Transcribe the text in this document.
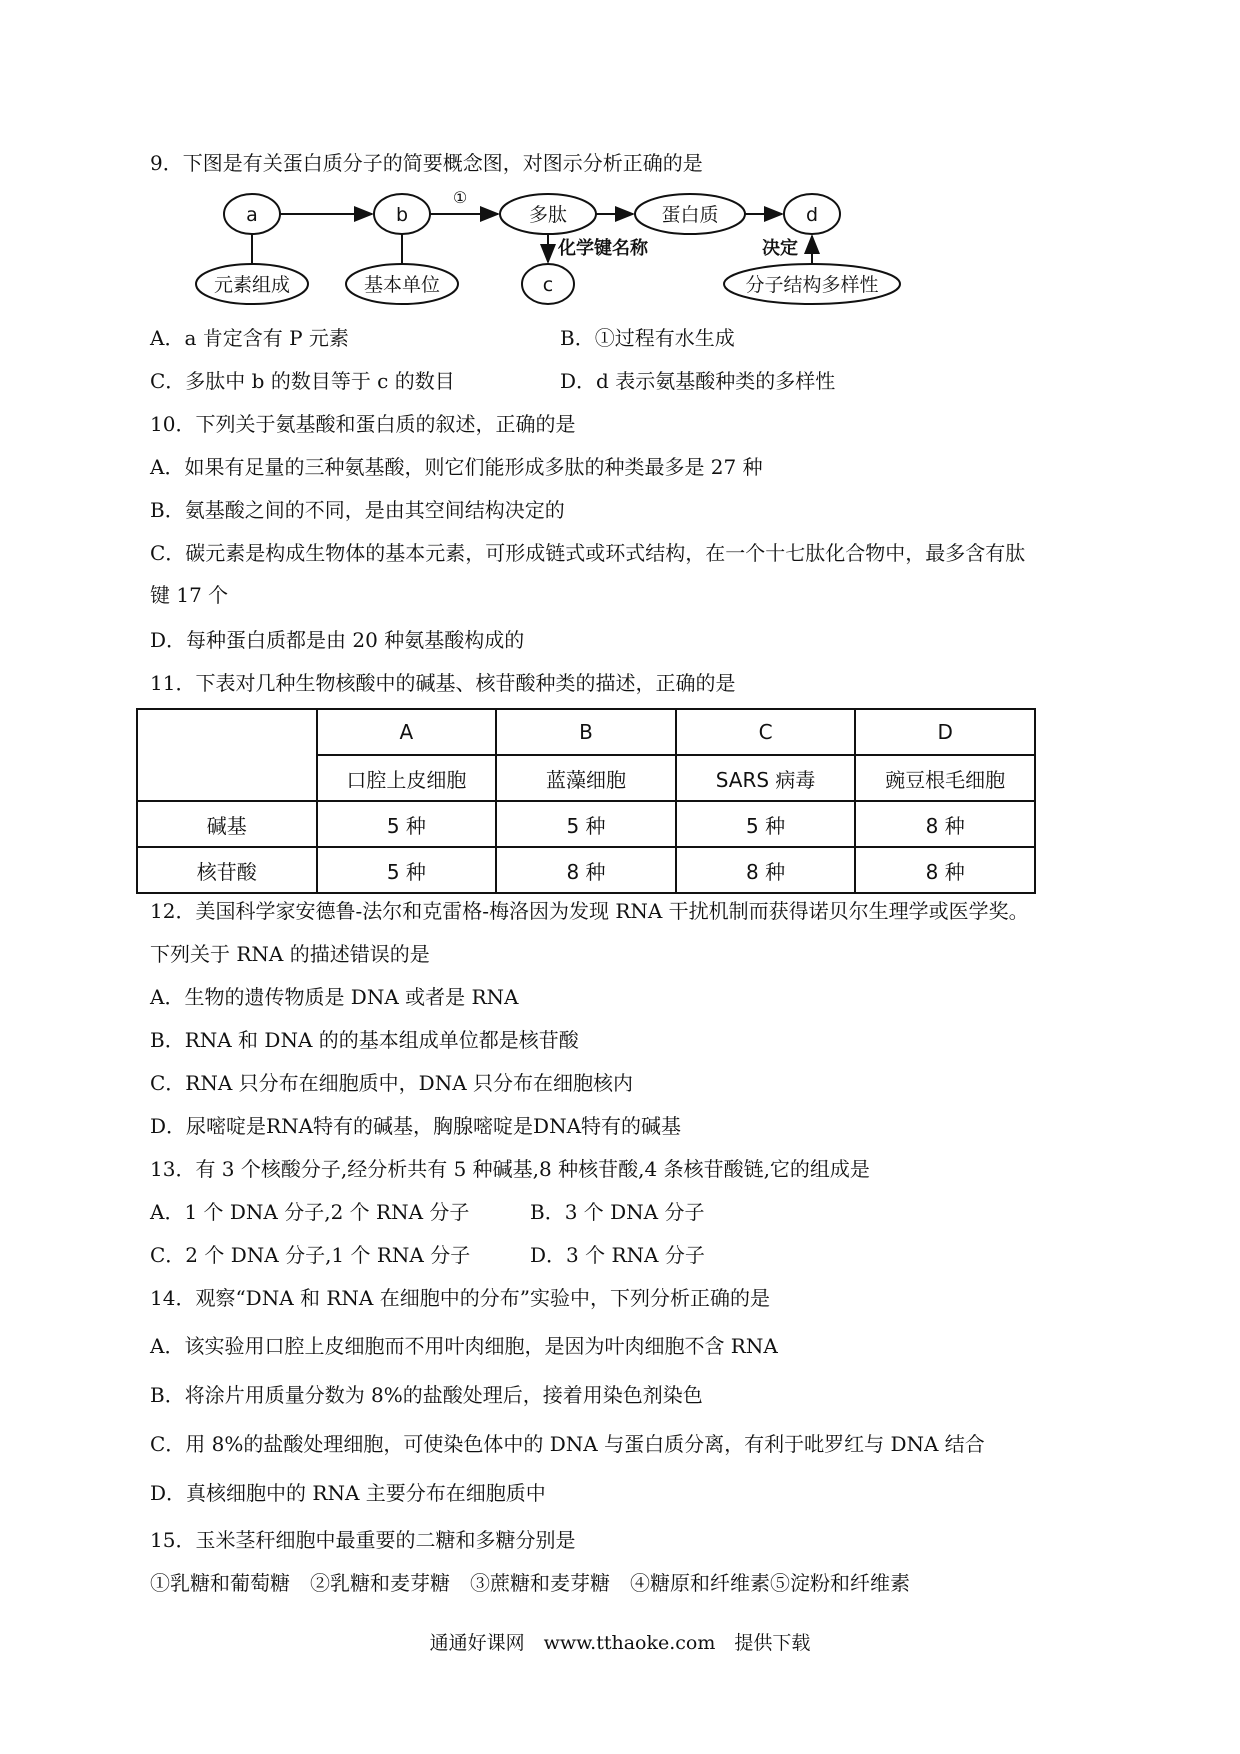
9．下图是有关蛋白质分子的简要概念图，对图示分析正确的是
a	b	多肽	蛋白质	d
①
化学键名称	决定
元素组成	基本单位	c	分子结构多样性
A．a 肯定含有 P 元素	B．①过程有水生成
C．多肽中 b 的数目等于 c 的数目	D．d 表示氨基酸种类的多样性
10．下列关于氨基酸和蛋白质的叙述，正确的是
A．如果有足量的三种氨基酸，则它们能形成多肽的种类最多是 27 种
B．氨基酸之间的不同，是由其空间结构决定的
C．碳元素是构成生物体的基本元素，可形成链式或环式结构，在一个十七肽化合物中，最多含有肽
键 17 个
D．每种蛋白质都是由 20 种氨基酸构成的
11．下表对几种生物核酸中的碱基、核苷酸种类的描述，正确的是
	A	B	C	D
	口腔上皮细胞	蓝藻细胞	SARS 病毒	豌豆根毛细胞
碱基	5 种	5 种	5 种	8 种
核苷酸	5 种	8 种	8 种	8 种
12．美国科学家安德鲁-法尔和克雷格-梅洛因为发现 RNA 干扰机制而获得诺贝尔生理学或医学奖。
下列关于 RNA 的描述错误的是
A．生物的遗传物质是 DNA 或者是 RNA
B．RNA 和 DNA 的的基本组成单位都是核苷酸
C．RNA 只分布在细胞质中，DNA 只分布在细胞核内
D．尿嘧啶是RNA特有的碱基，胸腺嘧啶是DNA特有的碱基
13．有 3 个核酸分子,经分析共有 5 种碱基,8 种核苷酸,4 条核苷酸链,它的组成是
A．1 个 DNA 分子,2 个 RNA 分子	B．3 个 DNA 分子
C．2 个 DNA 分子,1 个 RNA 分子	D．3 个 RNA 分子
14．观察“DNA 和 RNA 在细胞中的分布”实验中，下列分析正确的是
A．该实验用口腔上皮细胞而不用叶肉细胞，是因为叶肉细胞不含 RNA
B．将涂片用质量分数为 8%的盐酸处理后，接着用染色剂染色
C．用 8%的盐酸处理细胞，可使染色体中的 DNA 与蛋白质分离，有利于吡罗红与 DNA 结合
D．真核细胞中的 RNA 主要分布在细胞质中
15．玉米茎秆细胞中最重要的二糖和多糖分别是
①乳糖和葡萄糖　②乳糖和麦芽糖　③蔗糖和麦芽糖　④糖原和纤维素⑤淀粉和纤维素
通通好课网　www.tthaoke.com　提供下载
